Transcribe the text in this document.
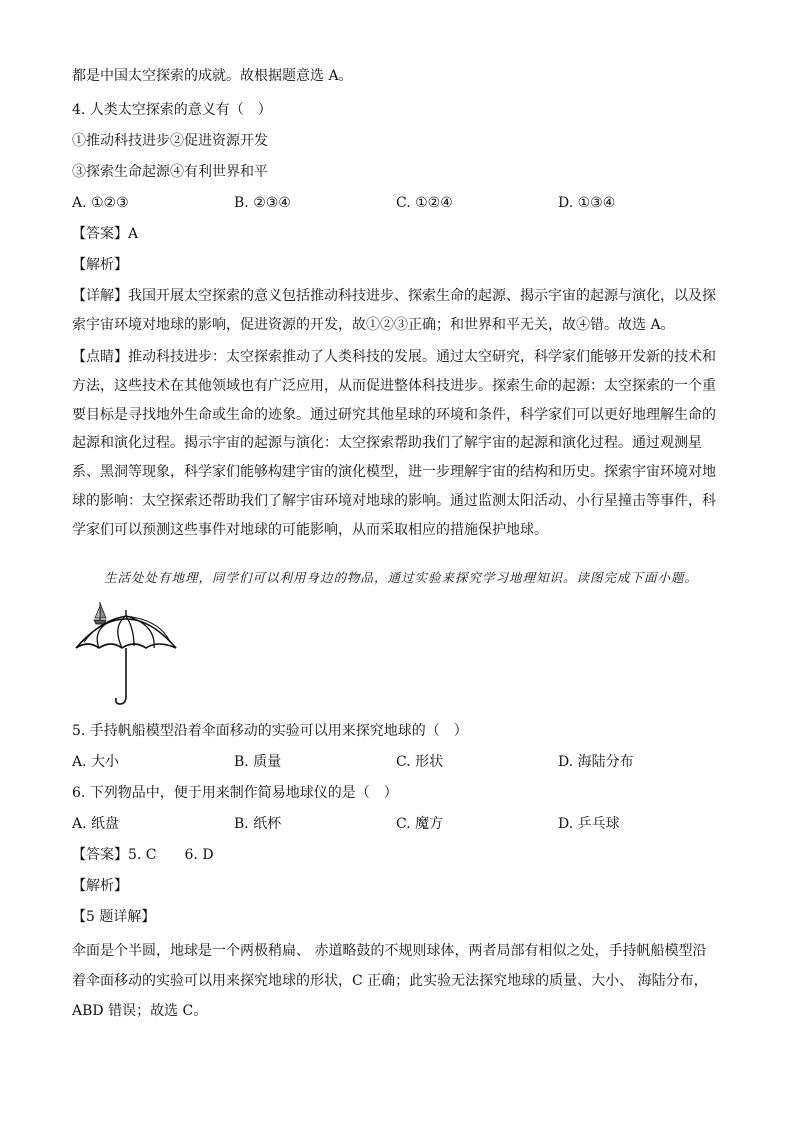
都是中国太空探索的成就。故根据题意选 A。
4. 人类太空探索的意义有（　）
①推动科技进步②促进资源开发
③探索生命起源④有利世界和平
A. ①②③	B. ②③④	C. ①②④	D. ①③④
【答案】A
【解析】
【详解】我国开展太空探索的意义包括推动科技进步、探索生命的起源、揭示宇宙的起源与演化，以及探
索宇宙环境对地球的影响，促进资源的开发，故①②③正确；和世界和平无关，故④错。故选 A。
【点睛】推动科技进步：太空探索推动了人类科技的发展。通过太空研究，科学家们能够开发新的技术和
方法，这些技术在其他领域也有广泛应用，从而促进整体科技进步。探索生命的起源：太空探索的一个重
要目标是寻找地外生命或生命的迹象。通过研究其他星球的环境和条件，科学家们可以更好地理解生命的
起源和演化过程。揭示宇宙的起源与演化：太空探索帮助我们了解宇宙的起源和演化过程。通过观测星
系、黑洞等现象，科学家们能够构建宇宙的演化模型，进一步理解宇宙的结构和历史。探索宇宙环境对地
球的影响：太空探索还帮助我们了解宇宙环境对地球的影响。通过监测太阳活动、小行星撞击等事件，科
学家们可以预测这些事件对地球的可能影响，从而采取相应的措施保护地球。
生活处处有地理，同学们可以利用身边的物品，通过实验来探究学习地理知识。读图完成下面小题。
5. 手持帆船模型沿着伞面移动的实验可以用来探究地球的（　）
A. 大小	B. 质量	C. 形状	D. 海陆分布
6. 下列物品中，便于用来制作简易地球仪的是（　）
A. 纸盘	B. 纸杯	C. 魔方	D. 乒乓球
【答案】5. C　　6. D
【解析】
【5 题详解】
伞面是个半圆，地球是一个两极稍扁、 赤道略鼓的不规则球体，两者局部有相似之处，手持帆船模型沿
着伞面移动的实验可以用来探究地球的形状，C 正确；此实验无法探究地球的质量、大小、 海陆分布，
ABD 错误；故选 C。
